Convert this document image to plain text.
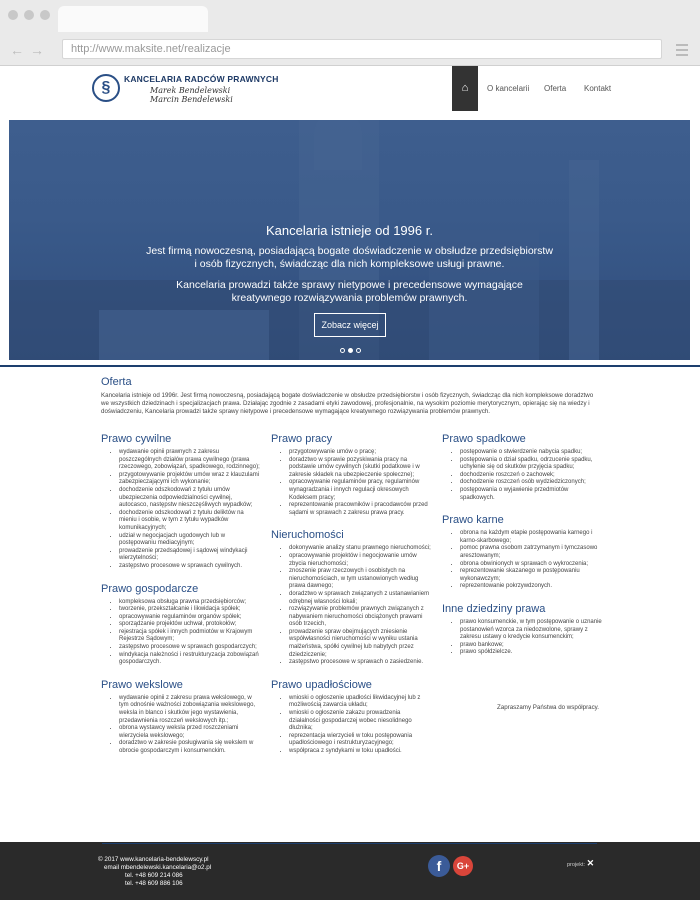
←→	http://www.maksite.net/realizacje
§	KANCELARIA RADCÓW PRAWNYCH
Marek Bendelewski
Marcin Bendelewski
⌂	O kancelarii Oferta Kontakt
Kancelaria istnieje od 1996 r.
Jest firmą nowoczesną, posiadającą bogate doświadczenie w obsłudze przedsiębiorstw
i osób fizycznych, świadcząc dla nich kompleksowe usługi prawne.
Kancelaria prowadzi także sprawy nietypowe i precedensowe wymagające
kreatywnego rozwiązywania problemów prawnych.
Zobacz więcej
Oferta
Kancelaria istnieje od 1996r. Jest firmą nowoczesną, posiadającą bogate doświadczenie w obsłudze przedsiębiorstw i osób fizycznych, świadcząc dla nich kompleksowe doradztwo we wszystkich dziedzinach i specjalizacjach prawa. Działając zgodnie z zasadami etyki zawodowej, profesjonalnie, na wysokim poziomie merytorycznym, opierając się na wiedzy i doświadczeniu, Kancelaria prowadzi także sprawy nietypowe i precedensowe wymagające kreatywnego rozwiązywania problemów prawnych.
Prawo cywilne
• wydawanie opinii prawnych z zakresu poszczególnych działów prawa cywilnego (prawa rzeczowego, zobowiązań, spadkowego, rodzinnego);
• przygotowywanie projektów umów wraz z klauzulami zabezpieczającymi ich wykonanie;
• dochodzenie odszkodowań z tytułu umów ubezpieczenia odpowiedzialności cywilnej, autocasco, następstw nieszczęśliwych wypadków;
• dochodzenie odszkodowań z tytułu deliktów na mieniu i osobie, w tym z tytułu wypadków komunikacyjnych;
• udział w negocjacjach ugodowych lub w postępowaniu mediacyjnym;
• prowadzenie przedsądowej i sądowej windykacji wierzytelności;
• zastępstwo procesowe w sprawach cywilnych.
Prawo gospodarcze
• kompleksowa obsługa prawna przedsiębiorców;
• tworzenie, przekształcanie i likwidacja spółek;
• opracowywanie regulaminów organów spółek;
• sporządzanie projektów uchwał, protokołów;
• rejestracja spółek i innych podmiotów w Krajowym Rejestrze Sądowym;
• zastępstwo procesowe w sprawach gospodarczych;
• windykacja należności i restrukturyzacja zobowiązań gospodarczych.
Prawo wekslowe
• wydawanie opinii z zakresu prawa wekslowego, w tym odnośnie ważności zobowiązania wekslowego, weksla in blanco i skutków jego wystawienia, przedawnienia roszczeń wekslowych itp.;
• obrona wystawcy weksla przed roszczeniami wierzyciela wekslowego;
• doradztwo w zakresie posługiwania się wekslem w obrocie gospodarczym i konsumenckim.
Prawo pracy
• przygotowywanie umów o pracę;
• doradztwo w sprawie pozyskiwania pracy na podstawie umów cywilnych (skutki podatkowe i w zakresie składek na ubezpieczenie społeczne);
• opracowywanie regulaminów pracy, regulaminów wynagradzania i innych regulacji okresowych Kodeksem pracy;
• reprezentowanie pracowników i pracodawców przed sądami w sprawach z zakresu prawa pracy.
Nieruchomości
• dokonywanie analizy stanu prawnego nieruchomości;
• opracowywanie projektów i negocjowanie umów zbycia nieruchomości;
• znoszenie praw rzeczowych i osobistych na nieruchomościach, w tym ustanowionych według prawa dawnego;
• doradztwo w sprawach związanych z ustanawianiem odrębnej własności lokali;
• rozwiązywanie problemów prawnych związanych z nabywaniem nieruchomości obciążonych prawami osób trzecich,
• prowadzenie spraw obejmujących zniesienie współwłasności nieruchomości w wyniku ustania małżeństwa, spółki cywilnej lub nabytych przez dziedziczenie;
• zastępstwo procesowe w sprawach o zasiedzenie.
Prawo upadłościowe
• wnioski o ogłoszenie upadłości likwidacyjnej lub z możliwością zawarcia układu;
• wnioski o ogłoszenie zakazu prowadzenia działalności gospodarczej wobec niesolidnego dłużnika;
• reprezentacja wierzycieli w toku postępowania upadłościowego i restrukturyzacyjnego;
• współpraca z syndykami w toku upadłości.
Prawo spadkowe
• postępowanie o stwierdzenie nabycia spadku;
• postępowania o dział spadku, odrzucenie spadku, uchylenie się od skutków przyjęcia spadku;
• dochodzenie roszczeń o zachowek;
• dochodzenie roszczeń osób wydziedziczonych;
• postępowania o wyjawienie przedmiotów spadkowych.
Prawo karne
• obrona na każdym etapie postępowania karnego i karno-skarbowego;
• pomoc prawna osobom zatrzymanym i tymczasowo aresztowanym;
• obrona obwinionych w sprawach o wykroczenia;
• reprezentowanie skazanego w postępowaniu wykonawczym;
• reprezentowanie pokrzywdzonych.
Inne dziedziny prawa
• prawo konsumenckie, w tym postępowanie o uznanie postanowień wzorca za niedozwolone, sprawy z zakresu ustawy o kredycie konsumenckim;
• prawo bankowe;
• prawo spółdzielcze.
Zapraszamy Państwa do współpracy.
© 2017 www.kancelaria-bendelewscy.pl
email mbendelewski.kancelaria@o2.pl
tel. +48 609 214 086
tel. +48 609 886 106
f	G+	projekt: ✕
